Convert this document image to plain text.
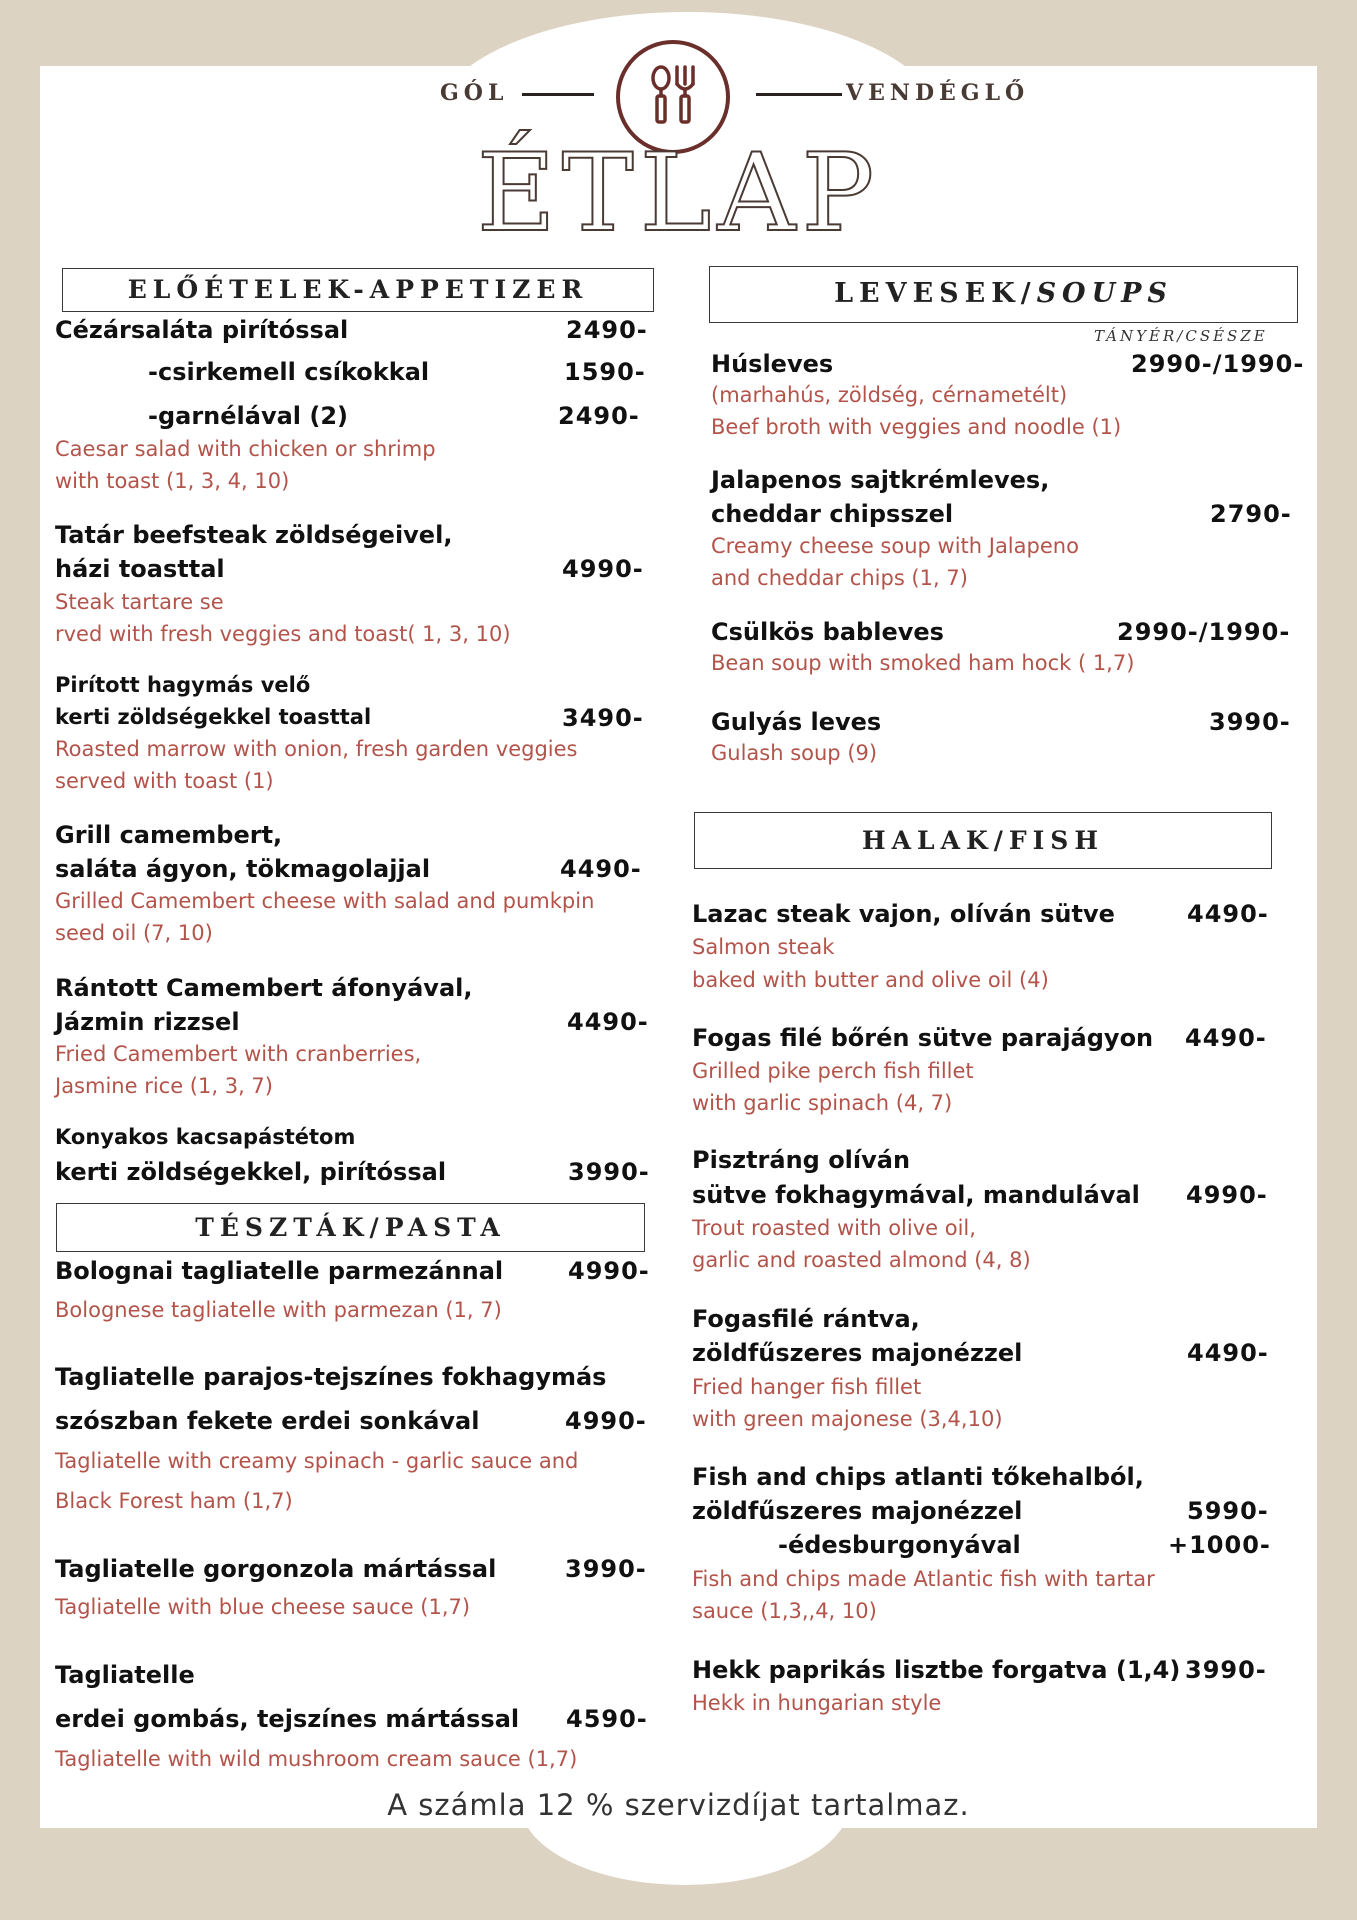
GÓL	VENDÉGLŐ
ÉTLAP
ELŐÉTELEK-APPETIZER
Cézársaláta pirítóssal	2490-
-csirkemell csíkokkal	1590-
-garnélával (2)	2490-
Caesar salad with chicken or shrimp
with toast (1, 3, 4, 10)
Tatár beefsteak zöldségeivel,
házi toasttal	4990-
Steak tartare se
rved with fresh veggies and toast( 1, 3, 10)
Pirított hagymás velő
kerti zöldségekkel toasttal	3490-
Roasted marrow with onion, fresh garden veggies
served with toast (1)
Grill camembert,
saláta ágyon, tökmagolajjal	4490-
Grilled Camembert cheese with salad and pumkpin
seed oil (7, 10)
Rántott Camembert áfonyával,
Jázmin rizzsel	4490-
Fried Camembert with cranberries,
Jasmine rice (1, 3, 7)
Konyakos kacsapástétom
kerti zöldségekkel, pirítóssal	3990-
TÉSZTÁK/PASTA
Bolognai tagliatelle parmezánnal	4990-
Bolognese tagliatelle with parmezan (1, 7)
Tagliatelle parajos-tejszínes fokhagymás
szószban fekete erdei sonkával	4990-
Tagliatelle with creamy spinach - garlic sauce and
Black Forest ham (1,7)
Tagliatelle gorgonzola mártással	3990-
Tagliatelle with blue cheese sauce (1,7)
Tagliatelle
erdei gombás, tejszínes mártással 4590-
Tagliatelle with wild mushroom cream sauce (1,7)
LEVESEK/SOUPS
TÁNYÉR/CSÉSZE
Húsleves	2990-/1990-
(marhahús, zöldség, cérnametélt)
Beef broth with veggies and noodle (1)
Jalapenos sajtkrémleves,
cheddar chipsszel	2790-
Creamy cheese soup with Jalapeno
and cheddar chips (1, 7)
Csülkös bableves	2990-/1990-
Bean soup with smoked ham hock ( 1,7)
Gulyás leves	3990-
Gulash soup (9)
HALAK/FISH
Lazac steak vajon, olíván sütve	4490-
Salmon steak
baked with butter and olive oil (4)
Fogas filé bőrén sütve parajágyon 4490-
Grilled pike perch fish fillet
with garlic spinach (4, 7)
Pisztráng olíván
sütve fokhagymával, mandulával 4990-
Trout roasted with olive oil,
garlic and roasted almond (4, 8)
Fogasfilé rántva,
zöldfűszeres majonézzel	4490-
Fried hanger fish fillet
with green majonese (3,4,10)
Fish and chips atlanti tőkehalból,
zöldfűszeres majonézzel	5990-
-édesburgonyával	+1000-
Fish and chips made Atlantic fish with tartar
sauce (1,3,,4, 10)
Hekk paprikás lisztbe forgatva (1,4) 3990-
Hekk in hungarian style
A számla 12 % szervizdíjat tartalmaz.
